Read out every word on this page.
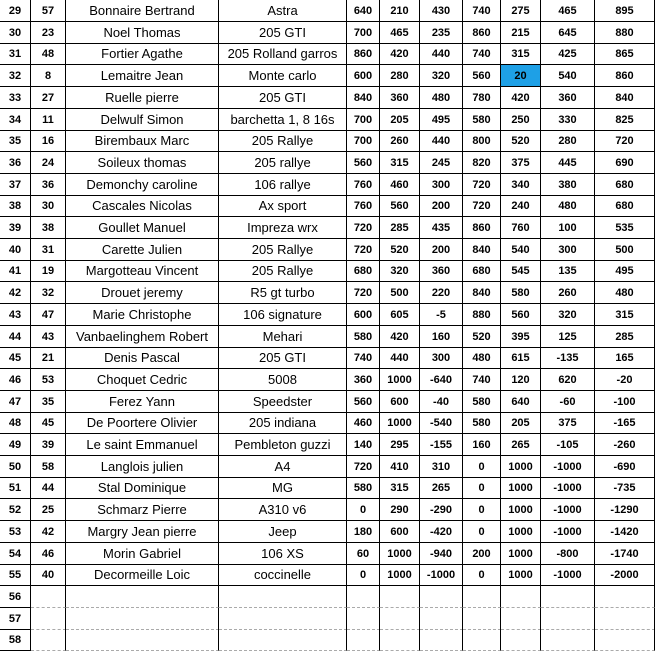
29	57	Bonnaire Bertrand	Astra	640	210	430	740	275	465	895
30	23	Noel Thomas	205 GTI	700	465	235	860	215	645	880
31	48	Fortier Agathe	205 Rolland garros	860	420	440	740	315	425	865
32	8	Lemaitre Jean	Monte carlo	600	280	320	560	20	540	860
33	27	Ruelle pierre	205 GTI	840	360	480	780	420	360	840
34	11	Delwulf Simon	barchetta 1, 8 16s	700	205	495	580	250	330	825
35	16	Birembaux Marc	205 Rallye	700	260	440	800	520	280	720
36	24	Soileux thomas	205 rallye	560	315	245	820	375	445	690
37	36	Demonchy caroline	106 rallye	760	460	300	720	340	380	680
38	30	Cascales Nicolas	Ax sport	760	560	200	720	240	480	680
39	38	Goullet Manuel	Impreza wrx	720	285	435	860	760	100	535
40	31	Carette Julien	205 Rallye	720	520	200	840	540	300	500
41	19	Margotteau Vincent	205 Rallye	680	320	360	680	545	135	495
42	32	Drouet jeremy	R5 gt turbo	720	500	220	840	580	260	480
43	47	Marie Christophe	106 signature	600	605	-5	880	560	320	315
44	43	Vanbaelinghem Robert	Mehari	580	420	160	520	395	125	285
45	21	Denis Pascal	205 GTI	740	440	300	480	615	-135	165
46	53	Choquet Cedric	5008	360	1000	-640	740	120	620	-20
47	35	Ferez Yann	Speedster	560	600	-40	580	640	-60	-100
48	45	De Poortere Olivier	205 indiana	460	1000	-540	580	205	375	-165
49	39	Le saint Emmanuel	Pembleton guzzi	140	295	-155	160	265	-105	-260
50	58	Langlois julien	A4	720	410	310	0	1000	-1000	-690
51	44	Stal Dominique	MG	580	315	265	0	1000	-1000	-735
52	25	Schmarz Pierre	A310 v6	0	290	-290	0	1000	-1000	-1290
53	42	Margry Jean pierre	Jeep	180	600	-420	0	1000	-1000	-1420
54	46	Morin Gabriel	106 XS	60	1000	-940	200	1000	-800	-1740
55	40	Decormeille Loic	coccinelle	0	1000	-1000	0	1000	-1000	-2000
56
57
58
